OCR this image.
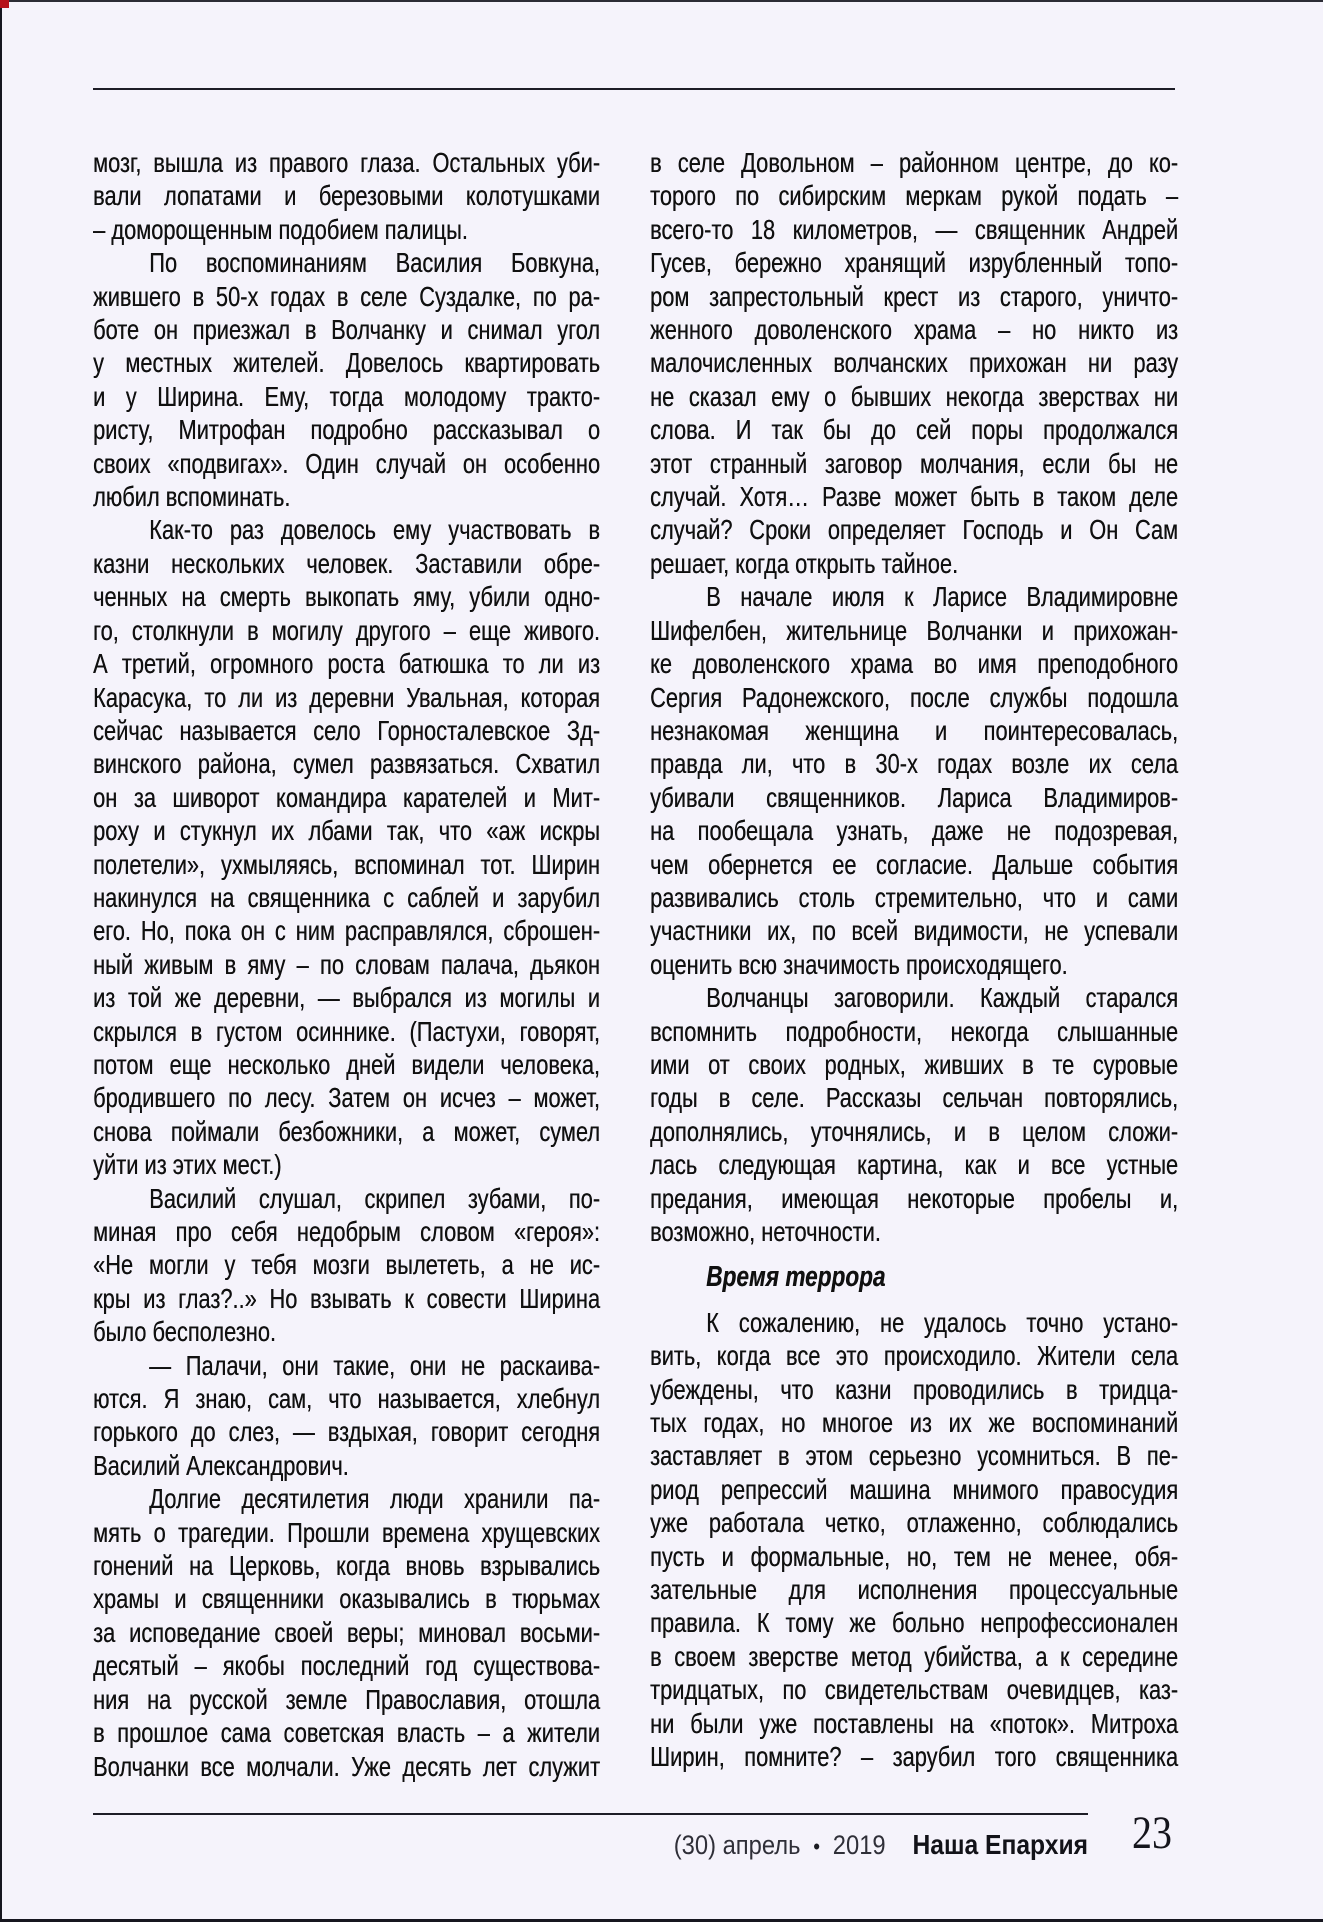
мозг, вышла из правого глаза. Остальных уби-
вали лопатами и березовыми колотушками
– доморощенным подобием палицы.
По воспоминаниям Василия Бовкуна,
жившего в 50-х годах в селе Суздалке, по ра-
боте он приезжал в Волчанку и снимал угол
у местных жителей. Довелось квартировать
и у Ширина. Ему, тогда молодому тракто-
ристу, Митрофан подробно рассказывал о
своих «подвигах». Один случай он особенно
любил вспоминать.
Как-то раз довелось ему участвовать в
казни нескольких человек. Заставили обре-
ченных на смерть выкопать яму, убили одно-
го, столкнули в могилу другого – еще живого.
А третий, огромного роста батюшка то ли из
Карасука, то ли из деревни Увальная, которая
сейчас называется село Горносталевское Зд-
винского района, сумел развязаться. Схватил
он за шиворот командира карателей и Мит-
роху и стукнул их лбами так, что «аж искры
полетели», ухмыляясь, вспоминал тот. Ширин
накинулся на священника с саблей и зарубил
его. Но, пока он с ним расправлялся, сброшен-
ный живым в яму – по словам палача, дьякон
из той же деревни, — выбрался из могилы и
скрылся в густом осиннике. (Пастухи, говорят,
потом еще несколько дней видели человека,
бродившего по лесу. Затем он исчез – может,
снова поймали безбожники, а может, сумел
уйти из этих мест.)
Василий слушал, скрипел зубами, по-
миная про себя недобрым словом «героя»:
«Не могли у тебя мозги вылететь, а не ис-
кры из глаз?..» Но взывать к совести Ширина
было бесполезно.
— Палачи, они такие, они не раскаива-
ются. Я знаю, сам, что называется, хлебнул
горького до слез, — вздыхая, говорит сегодня
Василий Александрович.
Долгие десятилетия люди хранили па-
мять о трагедии. Прошли времена хрущевских
гонений на Церковь, когда вновь взрывались
храмы и священники оказывались в тюрьмах
за исповедание своей веры; миновал восьми-
десятый – якобы последний год существова-
ния на русской земле Православия, отошла
в прошлое сама советская власть – а жители
Волчанки все молчали. Уже десять лет служит
в селе Довольном – районном центре, до ко-
торого по сибирским меркам рукой подать –
всего-то 18 километров, — священник Андрей
Гусев, бережно хранящий изрубленный топо-
ром запрестольный крест из старого, уничто-
женного доволенского храма – но никто из
малочисленных волчанских прихожан ни разу
не сказал ему о бывших некогда зверствах ни
слова. И так бы до сей поры продолжался
этот странный заговор молчания, если бы не
случай. Хотя… Разве может быть в таком деле
случай? Сроки определяет Господь и Он Сам
решает, когда открыть тайное.
В начале июля к Ларисе Владимировне
Шифелбен, жительнице Волчанки и прихожан-
ке доволенского храма во имя преподобного
Сергия Радонежского, после службы подошла
незнакомая женщина и поинтересовалась,
правда ли, что в 30-х годах возле их села
убивали священников. Лариса Владимиров-
на пообещала узнать, даже не подозревая,
чем обернется ее согласие. Дальше события
развивались столь стремительно, что и сами
участники их, по всей видимости, не успевали
оценить всю значимость происходящего.
Волчанцы заговорили. Каждый старался
вспомнить подробности, некогда слышанные
ими от своих родных, живших в те суровые
годы в селе. Рассказы сельчан повторялись,
дополнялись, уточнялись, и в целом сложи-
лась следующая картина, как и все устные
предания, имеющая некоторые пробелы и,
возможно, неточности.
Время террора
К сожалению, не удалось точно устано-
вить, когда все это происходило. Жители села
убеждены, что казни проводились в тридца-
тых годах, но многое из их же воспоминаний
заставляет в этом серьезно усомниться. В пе-
риод репрессий машина мнимого правосудия
уже работала четко, отлаженно, соблюдались
пусть и формальные, но, тем не менее, обя-
зательные для исполнения процессуальные
правила. К тому же больно непрофессионален
в своем зверстве метод убийства, а к середине
тридцатых, по свидетельствам очевидцев, каз-
ни были уже поставлены на «поток». Митроха
Ширин, помните? – зарубил того священника
(30) апрель • 2019 Наша Епархия 23
